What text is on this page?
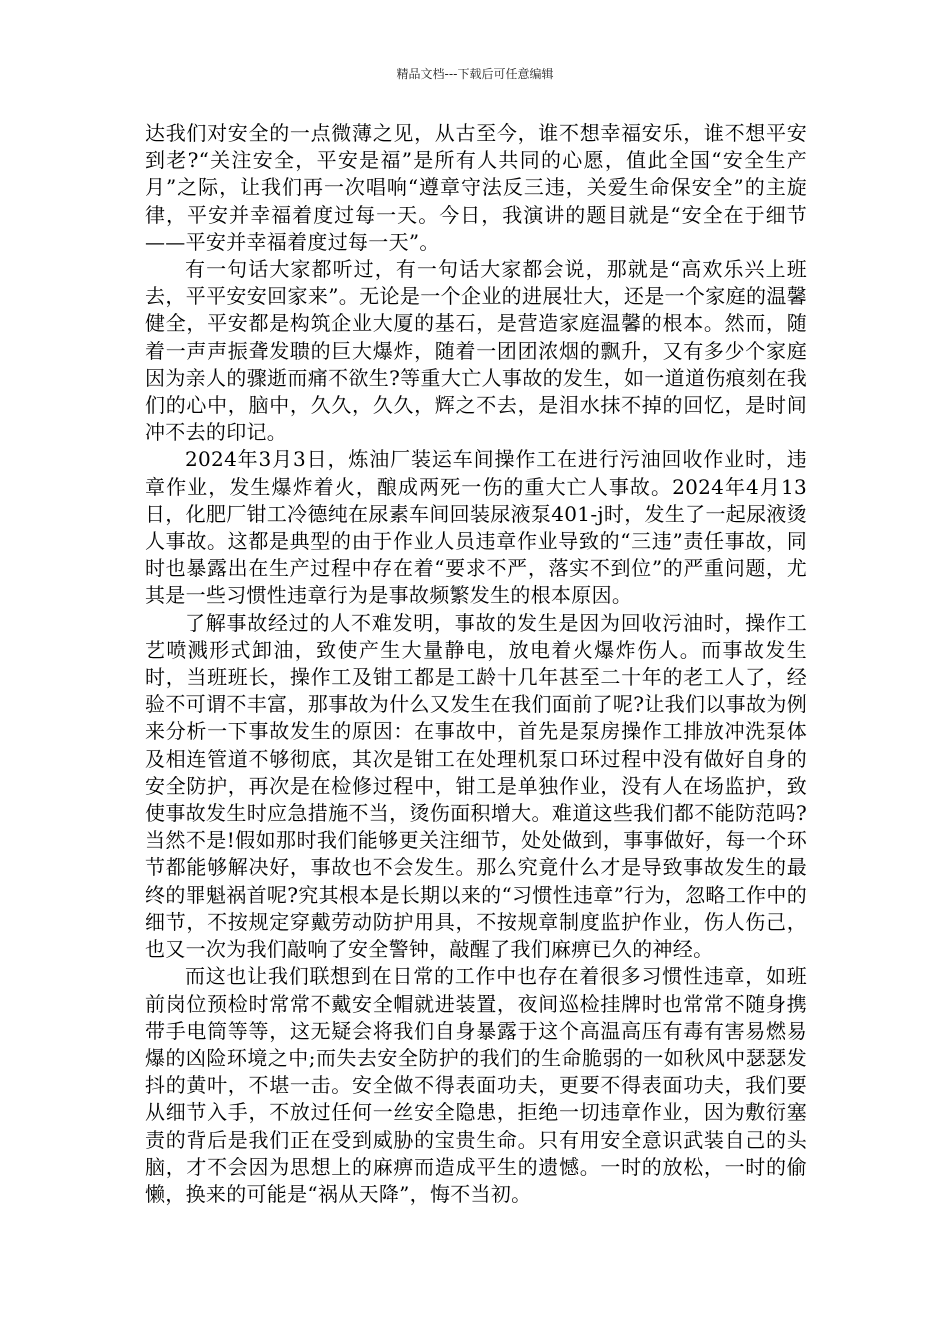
精品文档---下载后可任意编辑

达我们对安全的一点微薄之见，从古至今，谁不想幸福安乐，谁不想平安到老?“关注安全，平安是福”是所有人共同的心愿，值此全国“安全生产月”之际，让我们再一次唱响“遵章守法反三违，关爱生命保安全”的主旋律，平安并幸福着度过每一天。今日，我演讲的题目就是“安全在于细节——平安并幸福着度过每一天”。

有一句话大家都听过，有一句话大家都会说，那就是“高欢乐兴上班去，平平安安回家来”。无论是一个企业的进展壮大，还是一个家庭的温馨健全，平安都是构筑企业大厦的基石，是营造家庭温馨的根本。然而，随着一声声振聋发聩的巨大爆炸，随着一团团浓烟的飘升，又有多少个家庭因为亲人的骤逝而痛不欲生?等重大亡人事故的发生，如一道道伤痕刻在我们的心中，脑中，久久，久久，辉之不去，是泪水抹不掉的回忆，是时间冲不去的印记。

2024年3月3日，炼油厂装运车间操作工在进行污油回收作业时，违章作业，发生爆炸着火，酿成两死一伤的重大亡人事故。2024年4月13日，化肥厂钳工冷德纯在尿素车间回装尿液泵401-j时，发生了一起尿液烫人事故。这都是典型的由于作业人员违章作业导致的“三违”责任事故，同时也暴露出在生产过程中存在着“要求不严，落实不到位”的严重问题，尤其是一些习惯性违章行为是事故频繁发生的根本原因。

了解事故经过的人不难发明，事故的发生是因为回收污油时，操作工艺喷溅形式卸油，致使产生大量静电，放电着火爆炸伤人。而事故发生时，当班班长，操作工及钳工都是工龄十几年甚至二十年的老工人了，经验不可谓不丰富，那事故为什么又发生在我们面前了呢?让我们以事故为例来分析一下事故发生的原因：在事故中，首先是泵房操作工排放冲洗泵体及相连管道不够彻底，其次是钳工在处理机泵口环过程中没有做好自身的安全防护，再次是在检修过程中，钳工是单独作业，没有人在场监护，致使事故发生时应急措施不当，烫伤面积增大。难道这些我们都不能防范吗?当然不是!假如那时我们能够更关注细节，处处做到，事事做好，每一个环节都能够解决好，事故也不会发生。那么究竟什么才是导致事故发生的最终的罪魁祸首呢?究其根本是长期以来的“习惯性违章”行为，忽略工作中的细节，不按规定穿戴劳动防护用具，不按规章制度监护作业，伤人伤己，也又一次为我们敲响了安全警钟，敲醒了我们麻痹已久的神经。

而这也让我们联想到在日常的工作中也存在着很多习惯性违章，如班前岗位预检时常常不戴安全帽就进装置，夜间巡检挂牌时也常常不随身携带手电筒等等，这无疑会将我们自身暴露于这个高温高压有毒有害易燃易爆的凶险环境之中;而失去安全防护的我们的生命脆弱的一如秋风中瑟瑟发抖的黄叶，不堪一击。安全做不得表面功夫，更要不得表面功夫，我们要从细节入手，不放过任何一丝安全隐患，拒绝一切违章作业，因为敷衍塞责的背后是我们正在受到威胁的宝贵生命。只有用安全意识武装自己的头脑，才不会因为思想上的麻痹而造成平生的遗憾。一时的放松，一时的偷懒，换来的可能是“祸从天降”，悔不当初。
